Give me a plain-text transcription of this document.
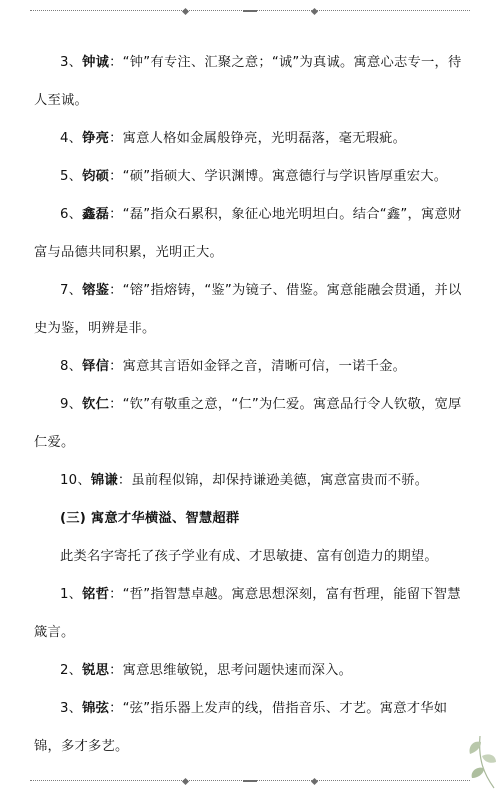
3、钟诚：“钟”有专注、汇聚之意；“诚”为真诚。寓意心志专一，待人至诚。

4、铮亮：寓意人格如金属般铮亮，光明磊落，毫无瑕疵。

5、钧硕：“硕”指硕大、学识渊博。寓意德行与学识皆厚重宏大。

6、鑫磊：“磊”指众石累积，象征心地光明坦白。结合“鑫”，寓意财富与品德共同积累，光明正大。

7、镕鉴：“镕”指熔铸，“鉴”为镜子、借鉴。寓意能融会贯通，并以史为鉴，明辨是非。

8、铎信：寓意其言语如金铎之音，清晰可信，一诺千金。

9、钦仁：“钦”有敬重之意，“仁”为仁爱。寓意品行令人钦敬，宽厚仁爱。

10、锦谦：虽前程似锦，却保持谦逊美德，寓意富贵而不骄。

(三) 寓意才华横溢、智慧超群

此类名字寄托了孩子学业有成、才思敏捷、富有创造力的期望。

1、铭哲：“哲”指智慧卓越。寓意思想深刻，富有哲理，能留下智慧箴言。

2、锐思：寓意思维敏锐，思考问题快速而深入。

3、锦弦：“弦”指乐器上发声的线，借指音乐、才艺。寓意才华如锦，多才多艺。
